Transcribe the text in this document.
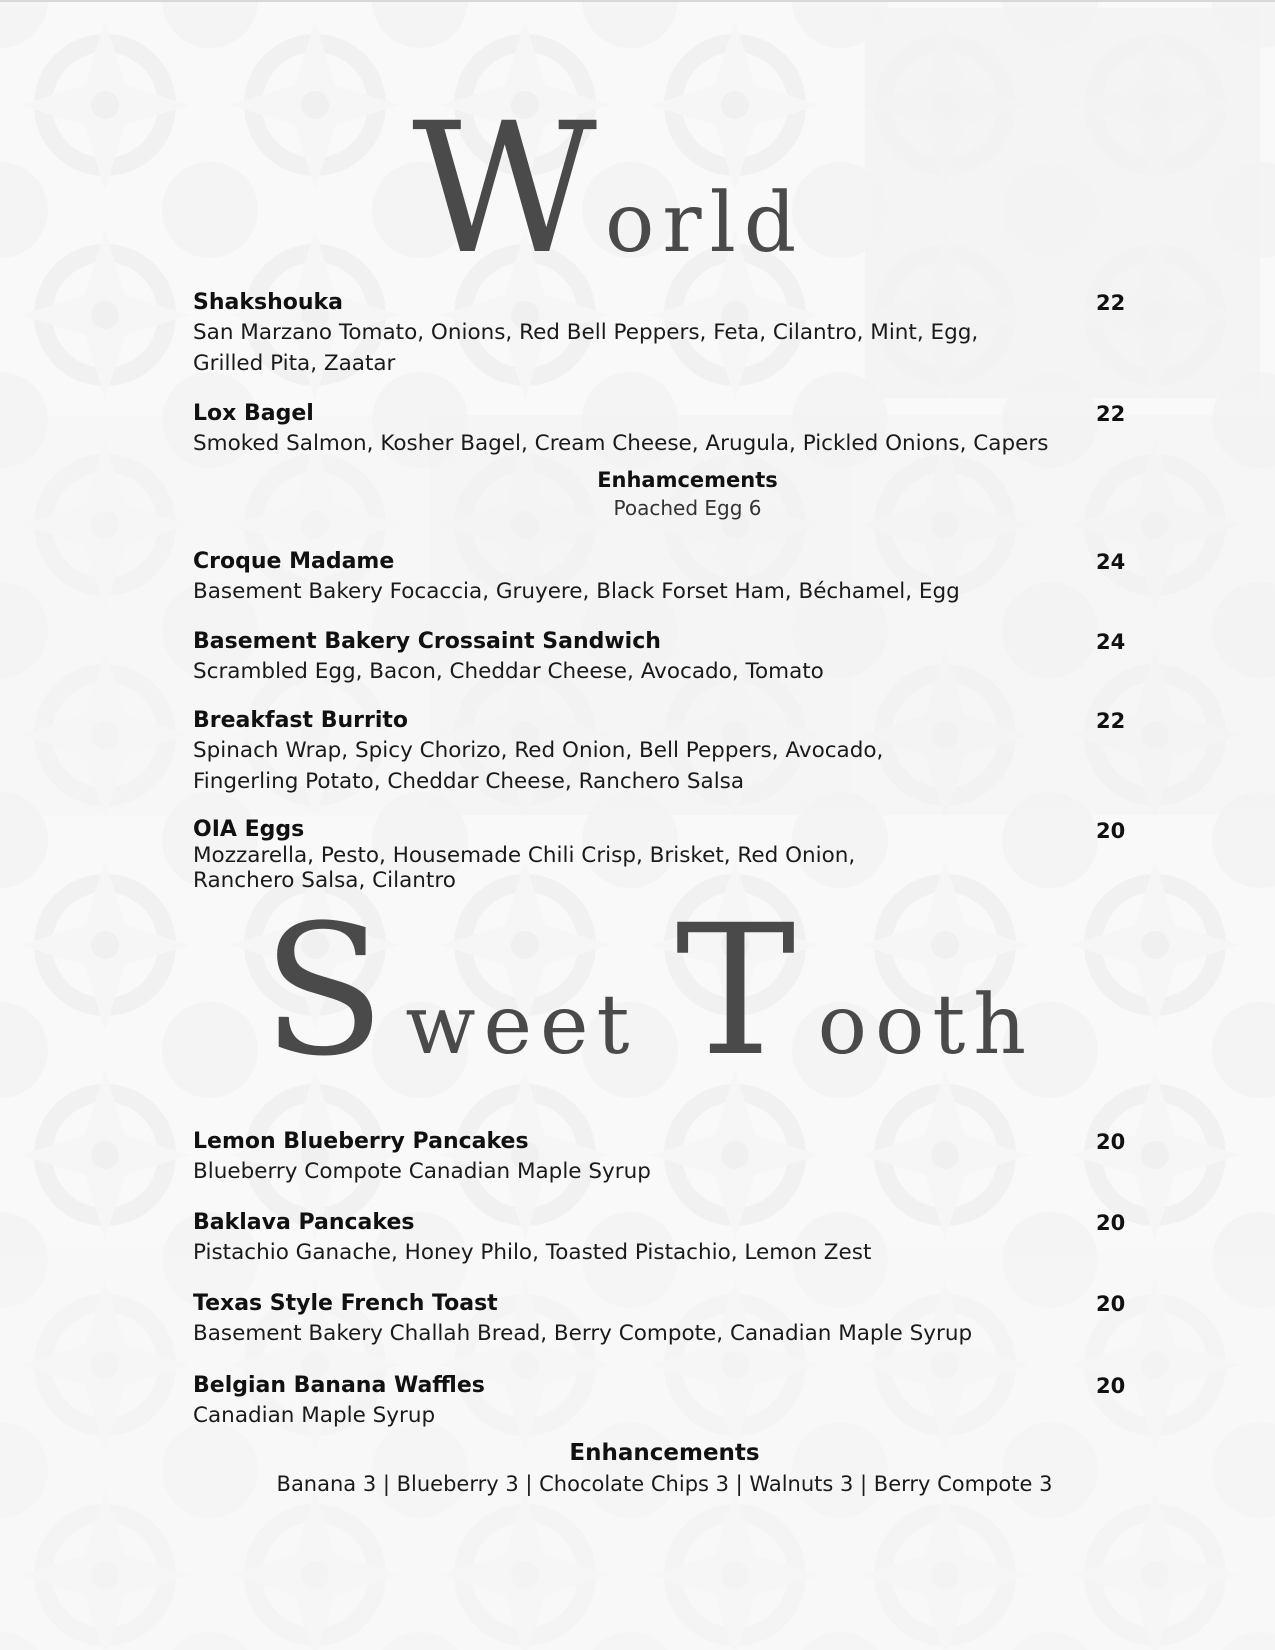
World
Shakshouka
San Marzano Tomato, Onions, Red Bell Peppers, Feta, Cilantro, Mint, Egg,
Grilled Pita, Zaatar
22
Lox Bagel
Smoked Salmon, Kosher Bagel, Cream Cheese, Arugula, Pickled Onions, Capers
22
Enhamcements
Poached Egg 6
Croque Madame
Basement Bakery Focaccia, Gruyere, Black Forset Ham, Béchamel, Egg
24
Basement Bakery Crossaint Sandwich
Scrambled Egg, Bacon, Cheddar Cheese, Avocado, Tomato
24
Breakfast Burrito
Spinach Wrap, Spicy Chorizo, Red Onion, Bell Peppers, Avocado,
Fingerling Potato, Cheddar Cheese, Ranchero Salsa
22
OIA Eggs
Mozzarella, Pesto, Housemade Chili Crisp, Brisket, Red Onion,
Ranchero Salsa, Cilantro
20
S weet T ooth
Lemon Blueberry Pancakes
Blueberry Compote Canadian Maple Syrup
20
Baklava Pancakes
Pistachio Ganache, Honey Philo, Toasted Pistachio, Lemon Zest
20
Texas Style French Toast
Basement Bakery Challah Bread, Berry Compote, Canadian Maple Syrup
20
Belgian Banana Waffles
Canadian Maple Syrup
20
Enhancements
Banana 3 | Blueberry 3 | Chocolate Chips 3 | Walnuts 3 | Berry Compote 3
